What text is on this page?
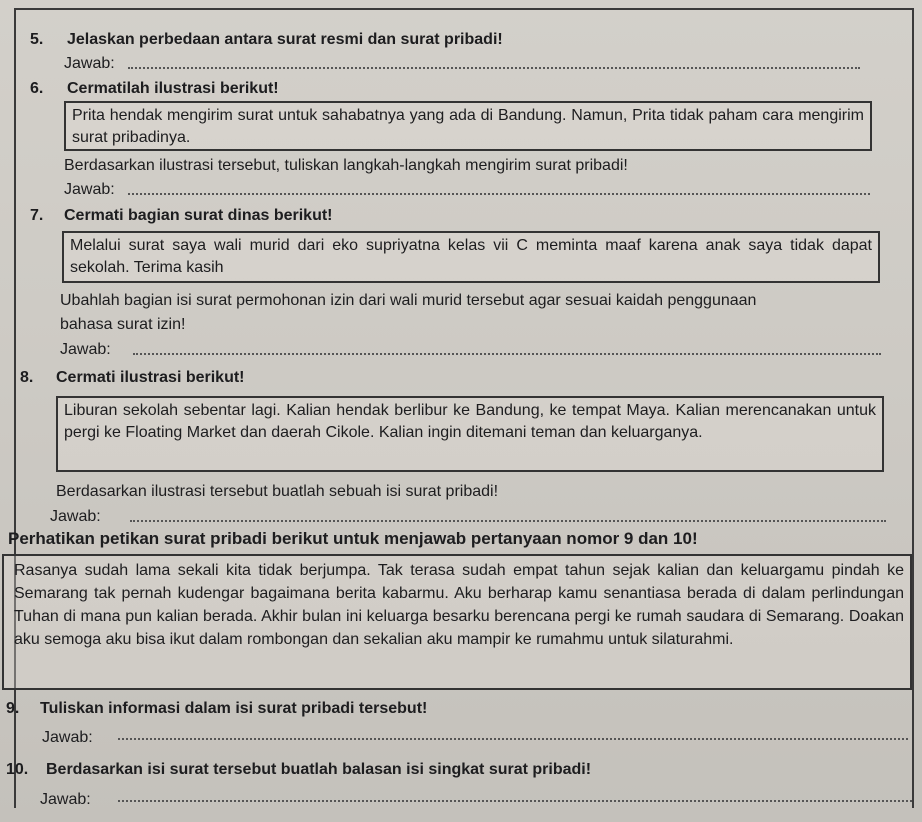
5. Jelaskan perbedaan antara surat resmi dan surat pribadi!
Jawab:
6. Cermatilah ilustrasi berikut!

Prita hendak mengirim surat untuk sahabatnya yang ada di Bandung. Namun, Prita tidak paham cara mengirim surat pribadinya.

Berdasarkan ilustrasi tersebut, tuliskan langkah-langkah mengirim surat pribadi!
Jawab:
7. Cermati bagian surat dinas berikut!

Melalui surat saya wali murid dari eko supriyatna kelas vii C meminta maaf karena anak saya tidak dapat sekolah. Terima kasih

Ubahlah bagian isi surat permohonan izin dari wali murid tersebut agar sesuai kaidah penggunaan
bahasa surat izin!
Jawab:
8. Cermati ilustrasi berikut!

Liburan sekolah sebentar lagi. Kalian hendak berlibur ke Bandung, ke tempat Maya. Kalian merencanakan untuk pergi ke Floating Market dan daerah Cikole. Kalian ingin ditemani teman dan keluarganya.

Berdasarkan ilustrasi tersebut buatlah sebuah isi surat pribadi!
Jawab:
Perhatikan petikan surat pribadi berikut untuk menjawab pertanyaan nomor 9 dan 10!

Rasanya sudah lama sekali kita tidak berjumpa. Tak terasa sudah empat tahun sejak kalian dan keluargamu pindah ke Semarang tak pernah kudengar bagaimana berita kabarmu. Aku berharap kamu senantiasa berada di dalam perlindungan Tuhan di mana pun kalian berada. Akhir bulan ini keluarga besarku berencana pergi ke rumah saudara di Semarang. Doakan aku semoga aku bisa ikut dalam rombongan dan sekalian aku mampir ke rumahmu untuk silaturahmi.

9. Tuliskan informasi dalam isi surat pribadi tersebut!
Jawab:
10. Berdasarkan isi surat tersebut buatlah balasan isi singkat surat pribadi!
Jawab:
